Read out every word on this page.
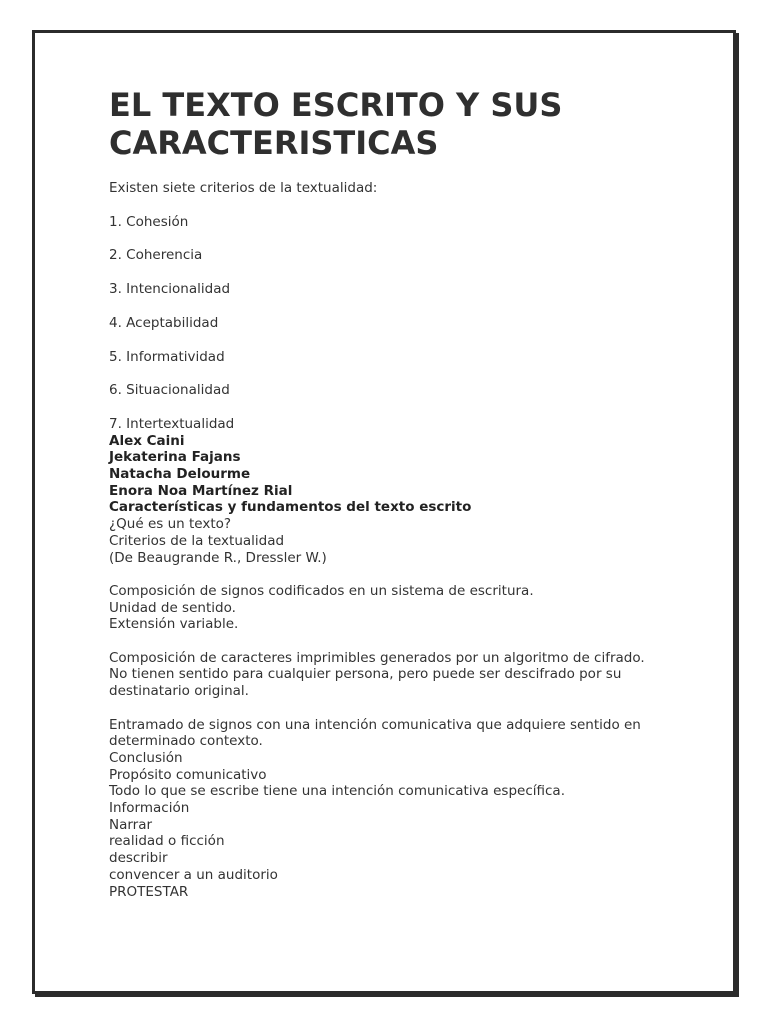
EL TEXTO ESCRITO Y SUS CARACTERISTICAS
Existen siete criterios de la textualidad:
1. Cohesión
2. Coherencia
3. Intencionalidad
4. Aceptabilidad
5. Informatividad
6. Situacionalidad
7. Intertextualidad
Alex Caini
Jekaterina Fajans
Natacha Delourme
Enora Noa Martínez Rial
Características y fundamentos del texto escrito
¿Qué es un texto?
Criterios de la textualidad
(De Beaugrande R., Dressler W.)
Composición de signos codificados en un sistema de escritura.
Unidad de sentido.
Extensión variable.
Composición de caracteres imprimibles generados por un algoritmo de cifrado.
No tienen sentido para cualquier persona, pero puede ser descifrado por su destinatario original.
Entramado de signos con una intención comunicativa que adquiere sentido en determinado contexto.
Conclusión
Propósito comunicativo
Todo lo que se escribe tiene una intención comunicativa específica.
Información
Narrar
realidad o ficción
describir
convencer a un auditorio
PROTESTAR
